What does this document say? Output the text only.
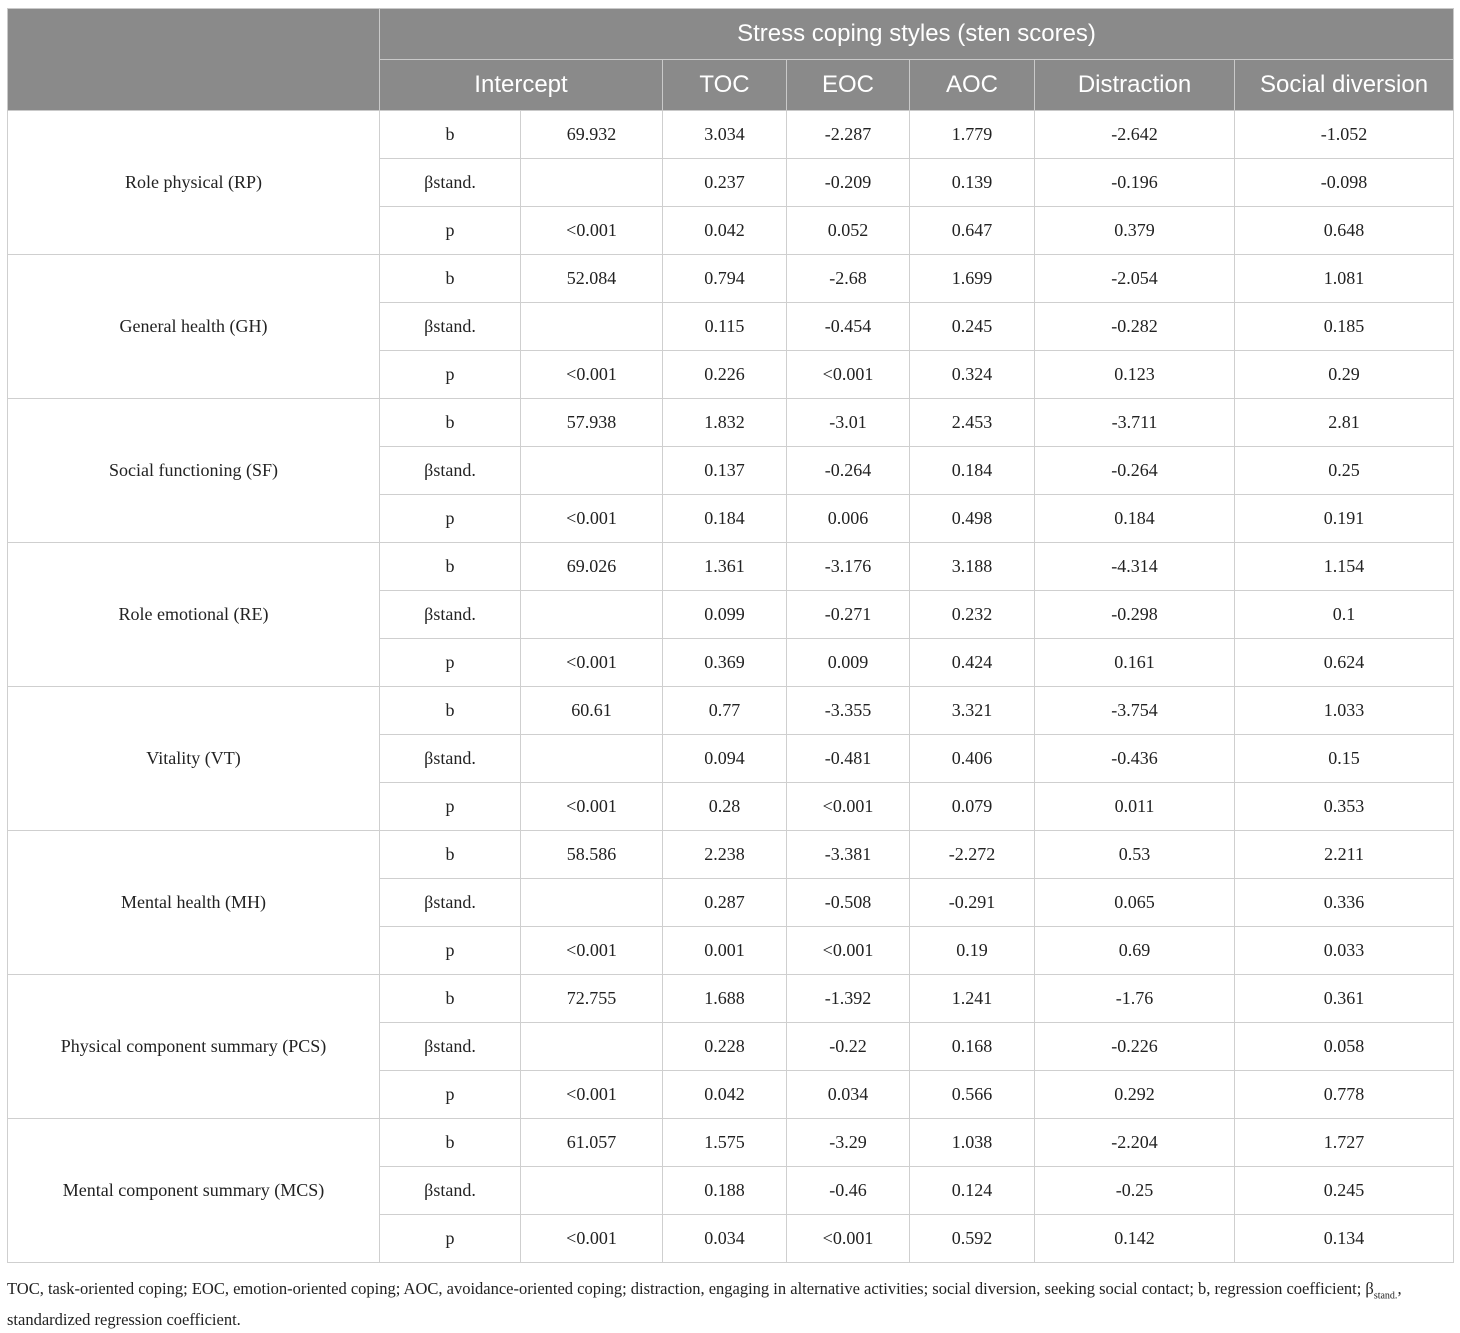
	Stress coping styles (sten scores)						
	Intercept		TOC	EOC	AOC	Distraction	Social diversion
Role physical (RP)	b	69.932	3.034	-2.287	1.779	-2.642	-1.052
	βstand.		0.237	-0.209	0.139	-0.196	-0.098
	p	<0.001	0.042	0.052	0.647	0.379	0.648
General health (GH)	b	52.084	0.794	-2.68	1.699	-2.054	1.081
	βstand.		0.115	-0.454	0.245	-0.282	0.185
	p	<0.001	0.226	<0.001	0.324	0.123	0.29
Social functioning (SF)	b	57.938	1.832	-3.01	2.453	-3.711	2.81
	βstand.		0.137	-0.264	0.184	-0.264	0.25
	p	<0.001	0.184	0.006	0.498	0.184	0.191
Role emotional (RE)	b	69.026	1.361	-3.176	3.188	-4.314	1.154
	βstand.		0.099	-0.271	0.232	-0.298	0.1
	p	<0.001	0.369	0.009	0.424	0.161	0.624
Vitality (VT)	b	60.61	0.77	-3.355	3.321	-3.754	1.033
	βstand.		0.094	-0.481	0.406	-0.436	0.15
	p	<0.001	0.28	<0.001	0.079	0.011	0.353
Mental health (MH)	b	58.586	2.238	-3.381	-2.272	0.53	2.211
	βstand.		0.287	-0.508	-0.291	0.065	0.336
	p	<0.001	0.001	<0.001	0.19	0.69	0.033
Physical component summary (PCS)	b	72.755	1.688	-1.392	1.241	-1.76	0.361
	βstand.		0.228	-0.22	0.168	-0.226	0.058
	p	<0.001	0.042	0.034	0.566	0.292	0.778
Mental component summary (MCS)	b	61.057	1.575	-3.29	1.038	-2.204	1.727
	βstand.		0.188	-0.46	0.124	-0.25	0.245
	p	<0.001	0.034	<0.001	0.592	0.142	0.134
TOC, task-oriented coping; EOC, emotion-oriented coping; AOC, avoidance-oriented coping; distraction, engaging in alternative activities; social diversion, seeking social contact; b, regression coefficient; $\beta_{stand.}$, standardized regression coefficient.
